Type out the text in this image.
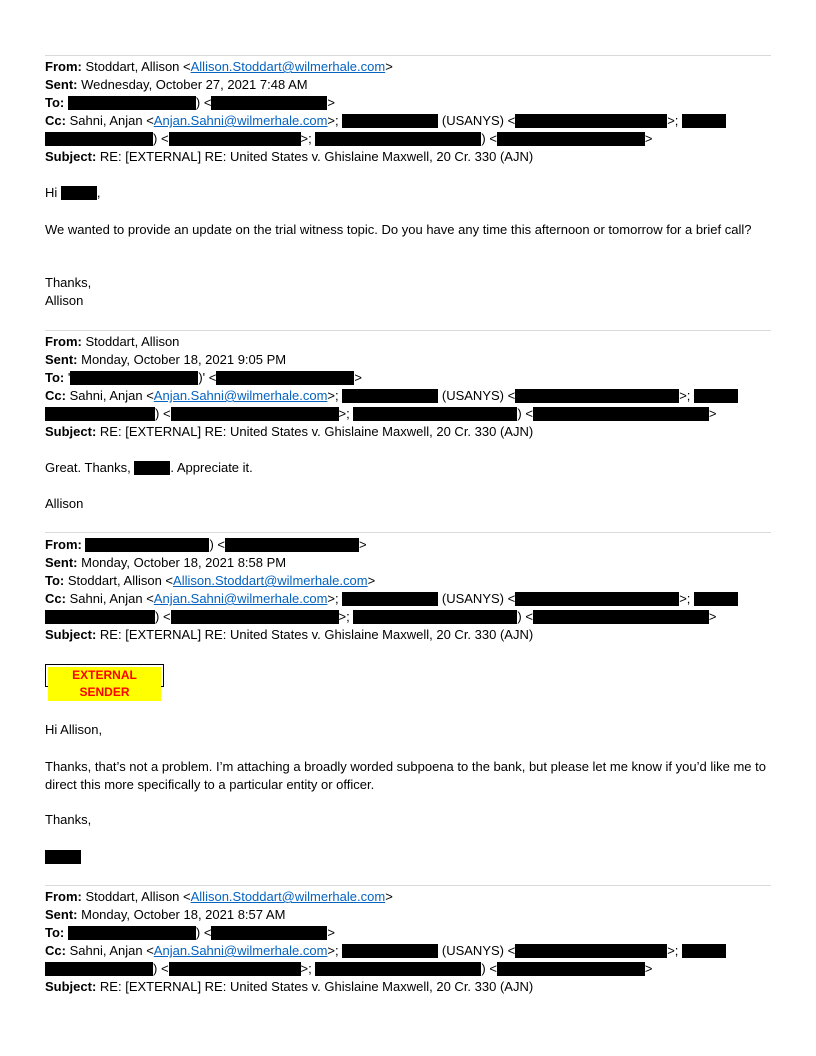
From: Stoddart, Allison <Allison.Stoddart@wilmerhale.com>
Sent: Wednesday, October 27, 2021 7:48 AM
To:	) <	>
Cc: Sahni, Anjan <Anjan.Sahni@wilmerhale.com>;	(USANYS) <	>;
) <	>;	) <	>
Subject: RE: [EXTERNAL] RE: United States v. Ghislaine Maxwell, 20 Cr. 330 (AJN)
Hi	,
We wanted to provide an update on the trial witness topic. Do you have any time this afternoon or tomorrow for a brief call?
Thanks,
Allison
From: Stoddart, Allison
Sent: Monday, October 18, 2021 9:05 PM
To: '	)' <	>
Cc: Sahni, Anjan <Anjan.Sahni@wilmerhale.com>;	(USANYS) <	>;
) <	>;	) <	>
Subject: RE: [EXTERNAL] RE: United States v. Ghislaine Maxwell, 20 Cr. 330 (AJN)
Great. Thanks,	. Appreciate it.
Allison
From:	) <	>
Sent: Monday, October 18, 2021 8:58 PM
To: Stoddart, Allison <Allison.Stoddart@wilmerhale.com>
Cc: Sahni, Anjan <Anjan.Sahni@wilmerhale.com>;	(USANYS) <	>;
) <	>;	) <	>
Subject: RE: [EXTERNAL] RE: United States v. Ghislaine Maxwell, 20 Cr. 330 (AJN)
EXTERNAL SENDER
Hi Allison,
Thanks, that’s not a problem. I’m attaching a broadly worded subpoena to the bank, but please let me know if you’d like me to direct this more specifically to a particular entity or officer.
Thanks,
From: Stoddart, Allison <Allison.Stoddart@wilmerhale.com>
Sent: Monday, October 18, 2021 8:57 AM
To:	) <	>
Cc: Sahni, Anjan <Anjan.Sahni@wilmerhale.com>;	(USANYS) <	>;
) <	>;	) <	>
Subject: RE: [EXTERNAL] RE: United States v. Ghislaine Maxwell, 20 Cr. 330 (AJN)
